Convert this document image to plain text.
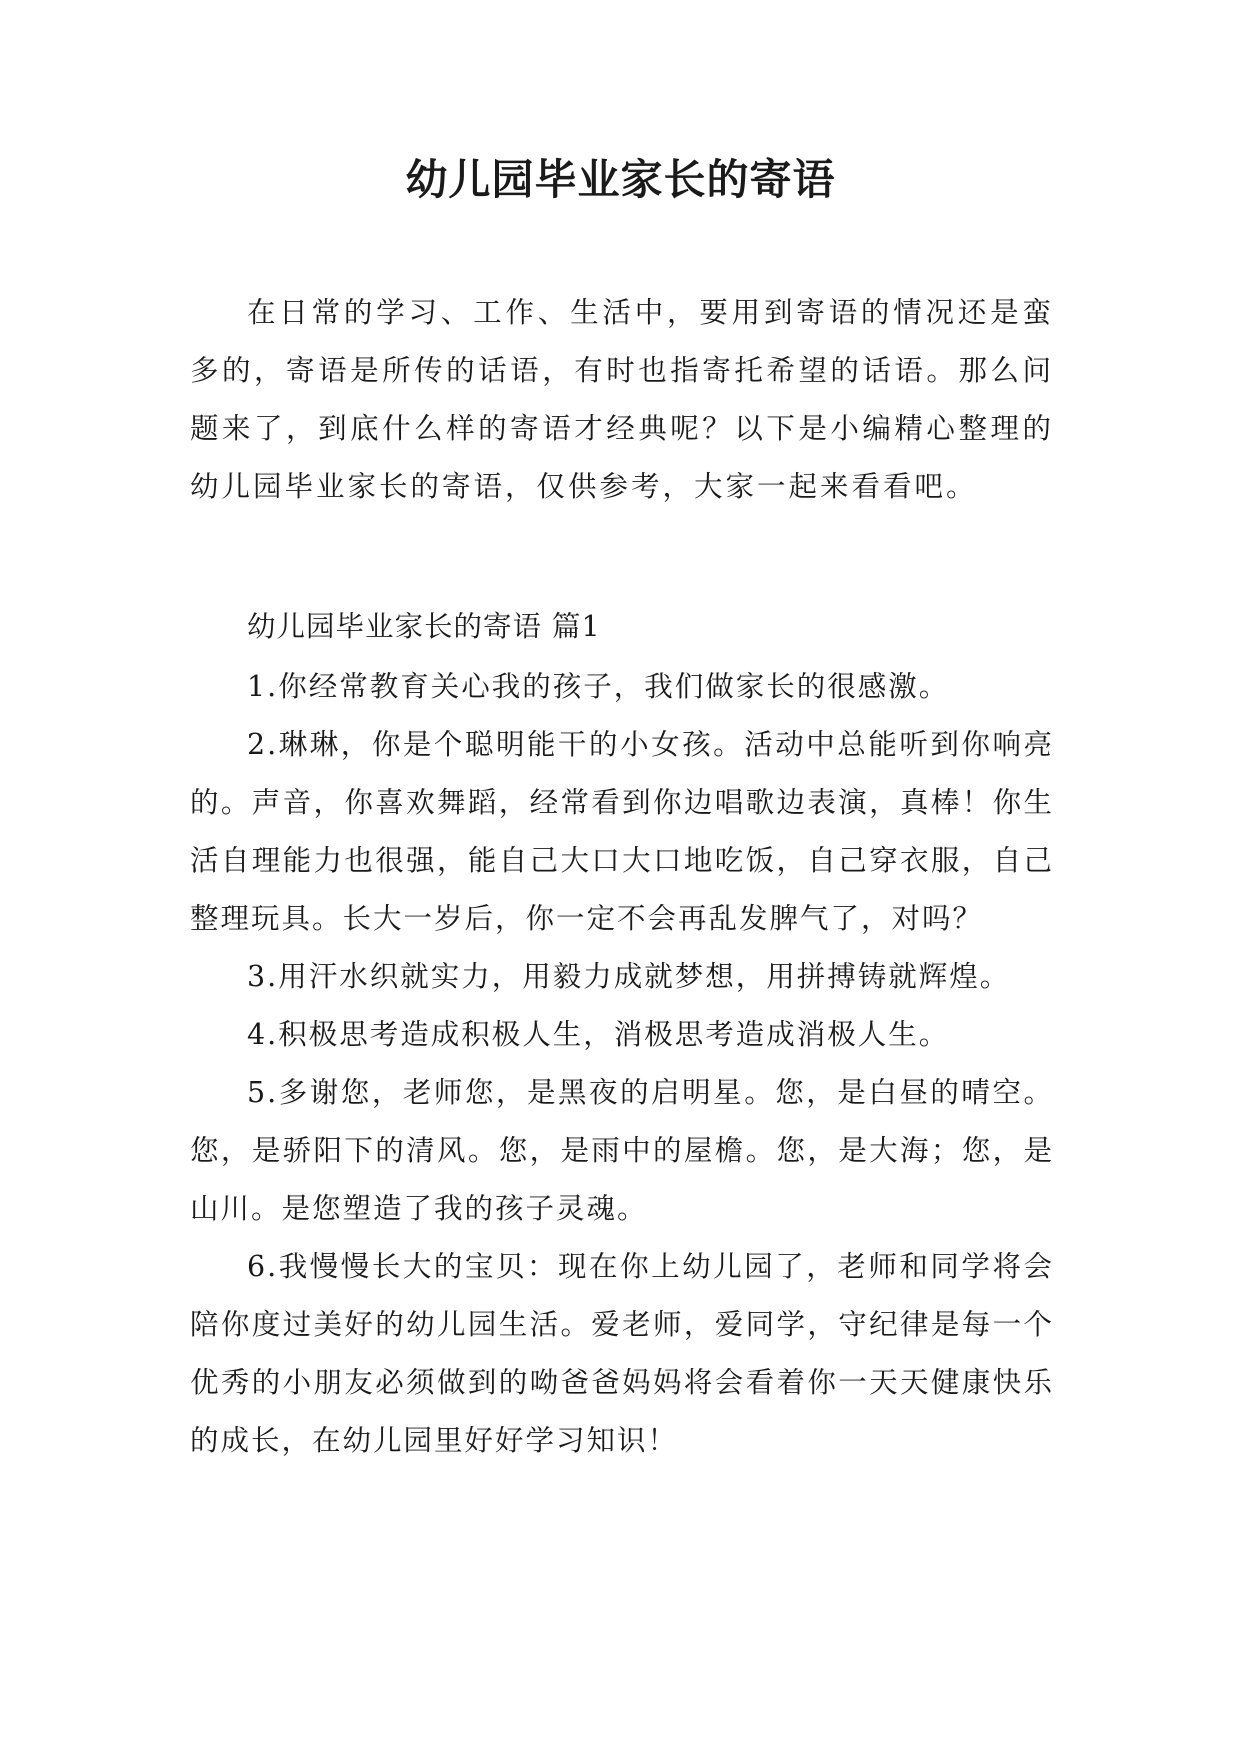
幼儿园毕业家长的寄语

在日常的学习、工作、生活中，要用到寄语的情况还是蛮多的，寄语是所传的话语，有时也指寄托希望的话语。那么问题来了，到底什么样的寄语才经典呢？以下是小编精心整理的幼儿园毕业家长的寄语，仅供参考，大家一起来看看吧。

幼儿园毕业家长的寄语 篇1

1.你经常教育关心我的孩子，我们做家长的很感激。

2.琳琳，你是个聪明能干的小女孩。活动中总能听到你响亮的。声音，你喜欢舞蹈，经常看到你边唱歌边表演，真棒！你生活自理能力也很强，能自己大口大口地吃饭，自己穿衣服，自己整理玩具。长大一岁后，你一定不会再乱发脾气了，对吗？

3.用汗水织就实力，用毅力成就梦想，用拼搏铸就辉煌。

4.积极思考造成积极人生，消极思考造成消极人生。

5.多谢您，老师您，是黑夜的启明星。您，是白昼的晴空。您，是骄阳下的清风。您，是雨中的屋檐。您，是大海；您，是山川。是您塑造了我的孩子灵魂。

6.我慢慢长大的宝贝：现在你上幼儿园了，老师和同学将会陪你度过美好的幼儿园生活。爱老师，爱同学，守纪律是每一个优秀的小朋友必须做到的呦爸爸妈妈将会看着你一天天健康快乐的成长，在幼儿园里好好学习知识！
